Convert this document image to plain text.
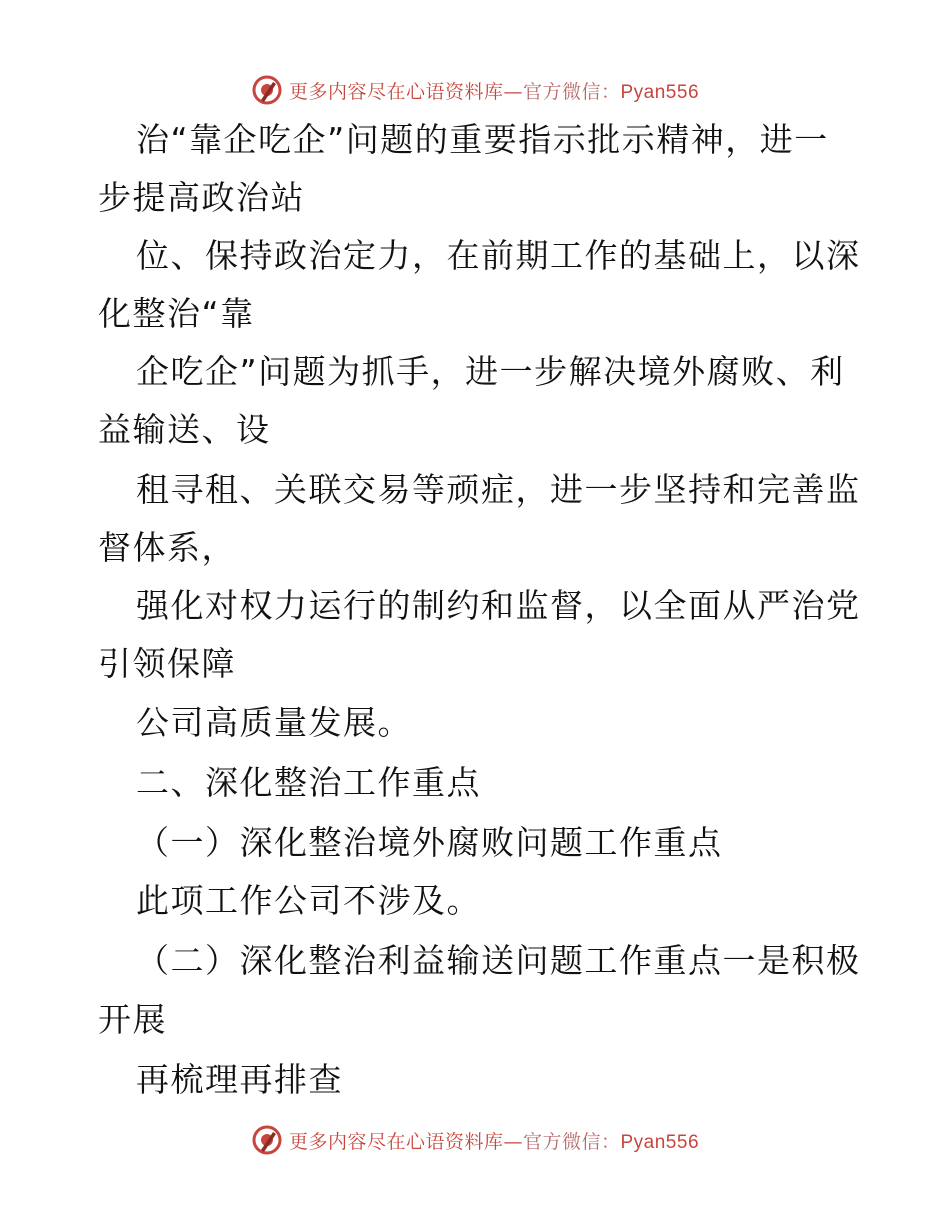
更多内容尽在心语资料库—官方微信：Pyan556
治“靠企吃企”问题的重要指示批示精神，进一
步提高政治站
位、保持政治定力，在前期工作的基础上，以深
化整治“靠
企吃企”问题为抓手，进一步解决境外腐败、利
益输送、设
租寻租、关联交易等顽症，进一步坚持和完善监
督体系，
强化对权力运行的制约和监督，以全面从严治党
引领保障
公司高质量发展。
二、深化整治工作重点
（一）深化整治境外腐败问题工作重点
此项工作公司不涉及。
（二）深化整治利益输送问题工作重点一是积极
开展
再梳理再排查
更多内容尽在心语资料库—官方微信：Pyan556
